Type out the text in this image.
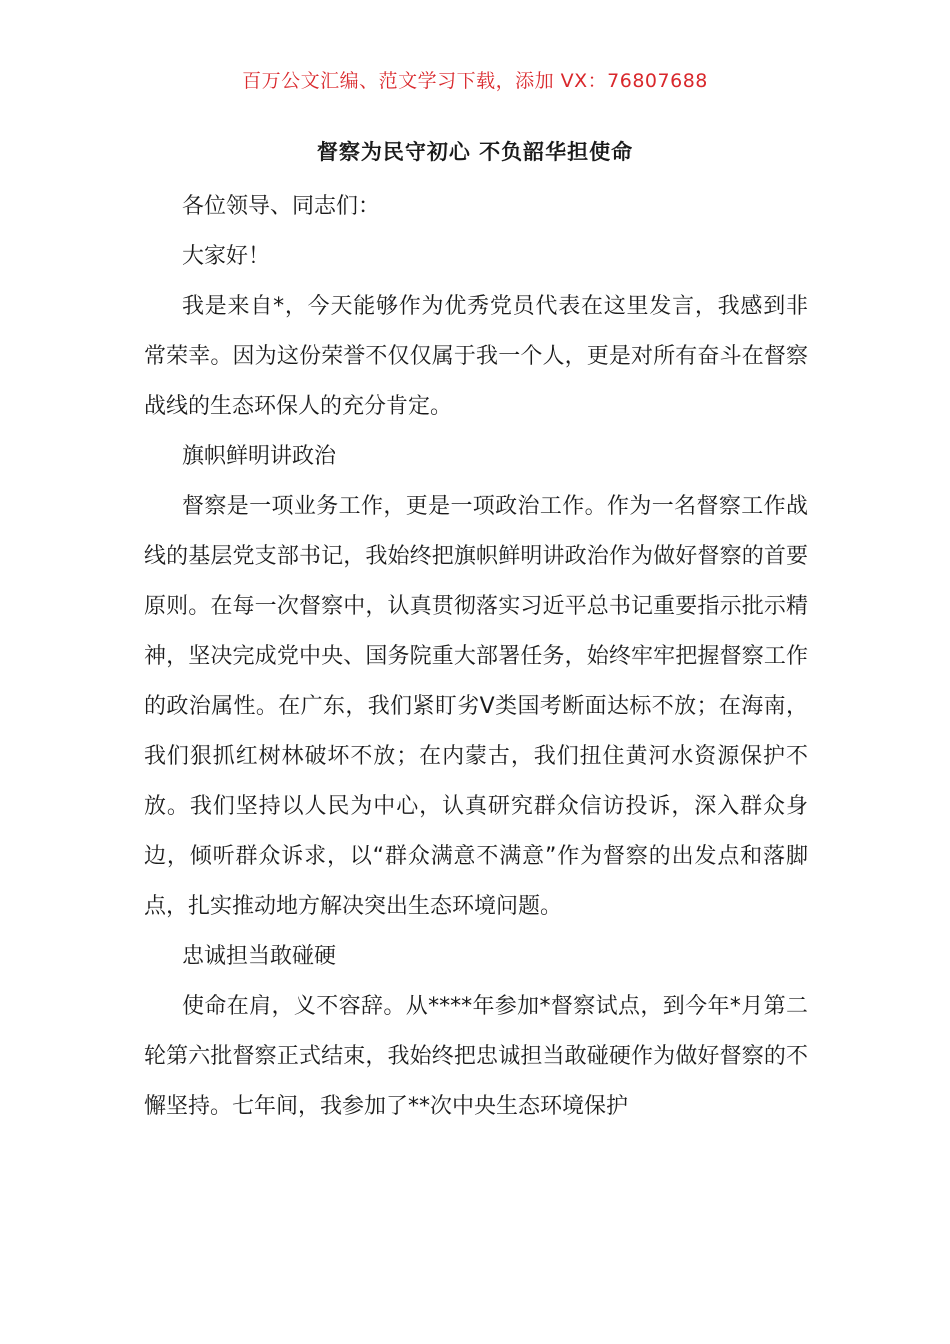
百万公文汇编、范文学习下载，添加 VX：76807688
督察为民守初心 不负韶华担使命

各位领导、同志们：

大家好！

我是来自*，今天能够作为优秀党员代表在这里发言，我感到非常荣幸。因为这份荣誉不仅仅属于我一个人，更是对所有奋斗在督察战线的生态环保人的充分肯定。

旗帜鲜明讲政治

督察是一项业务工作，更是一项政治工作。作为一名督察工作战线的基层党支部书记，我始终把旗帜鲜明讲政治作为做好督察的首要原则。在每一次督察中，认真贯彻落实习近平总书记重要指示批示精神，坚决完成党中央、国务院重大部署任务，始终牢牢把握督察工作的政治属性。在广东，我们紧盯劣Ⅴ类国考断面达标不放；在海南，我们狠抓红树林破坏不放；在内蒙古，我们扭住黄河水资源保护不放。我们坚持以人民为中心，认真研究群众信访投诉，深入群众身边，倾听群众诉求，以“群众满意不满意”作为督察的出发点和落脚点，扎实推动地方解决突出生态环境问题。

忠诚担当敢碰硬

使命在肩，义不容辞。从****年参加*督察试点，到今年*月第二轮第六批督察正式结束，我始终把忠诚担当敢碰硬作为做好督察的不懈坚持。七年间，我参加了**次中央生态环境保护
